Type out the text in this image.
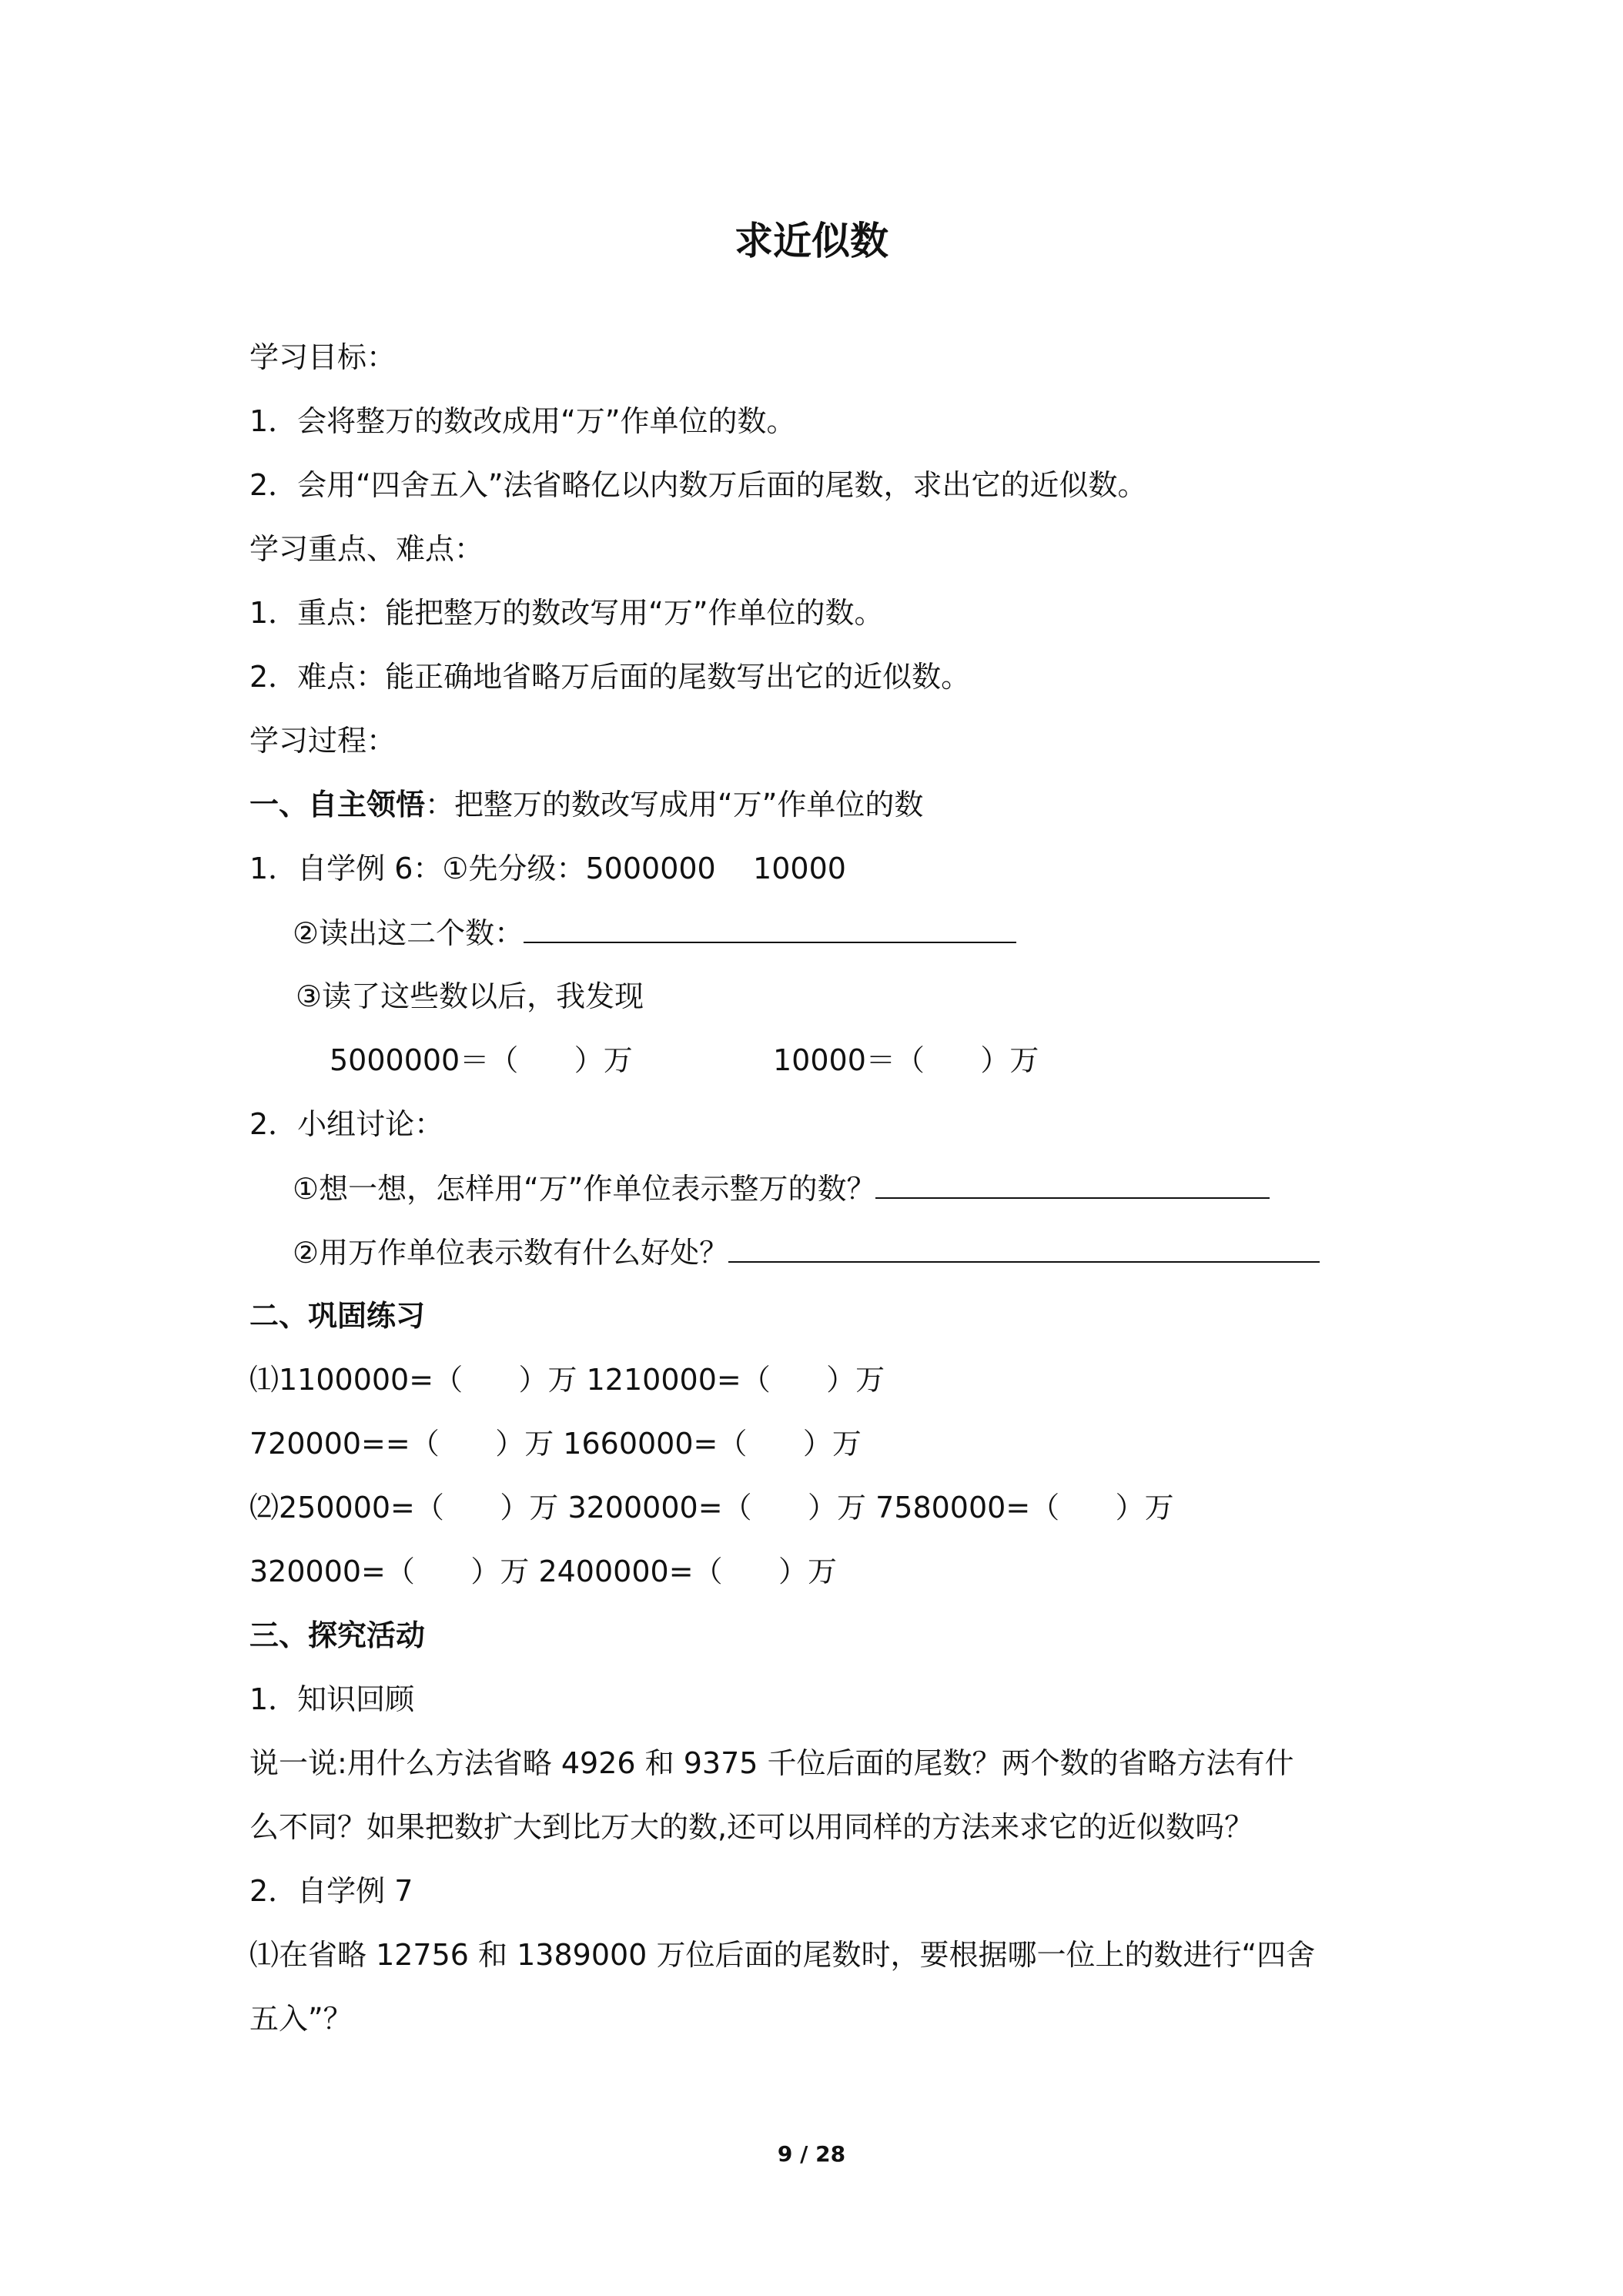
求近似数
学习目标：
1．会将整万的数改成用“万”作单位的数。
2．会用“四舍五入”法省略亿以内数万后面的尾数，求出它的近似数。
学习重点、难点：
1．重点：能把整万的数改写用“万”作单位的数。
2．难点：能正确地省略万后面的尾数写出它的近似数。
学习过程：
一、自主领悟：把整万的数改写成用“万”作单位的数
1．自学例 6：①先分级：5000000    10000
②读出这二个数：
③读了这些数以后，我发现
5000000＝（      ）万	10000＝（      ）万
2．小组讨论：
①想一想，怎样用“万”作单位表示整万的数？
②用万作单位表示数有什么好处？
二、巩固练习
⑴1100000=（      ）万 1210000=（      ）万
720000==（      ）万 1660000=（      ）万
⑵250000=（      ）万 3200000=（      ）万 7580000=（      ）万
320000=（      ）万 2400000=（      ）万
三、探究活动
1．知识回顾
说一说:用什么方法省略 4926 和 9375 千位后面的尾数？两个数的省略方法有什
么不同？如果把数扩大到比万大的数,还可以用同样的方法来求它的近似数吗？
2．自学例 7
⑴在省略 12756 和 1389000 万位后面的尾数时，要根据哪一位上的数进行“四舍
五入”？
9 / 28
